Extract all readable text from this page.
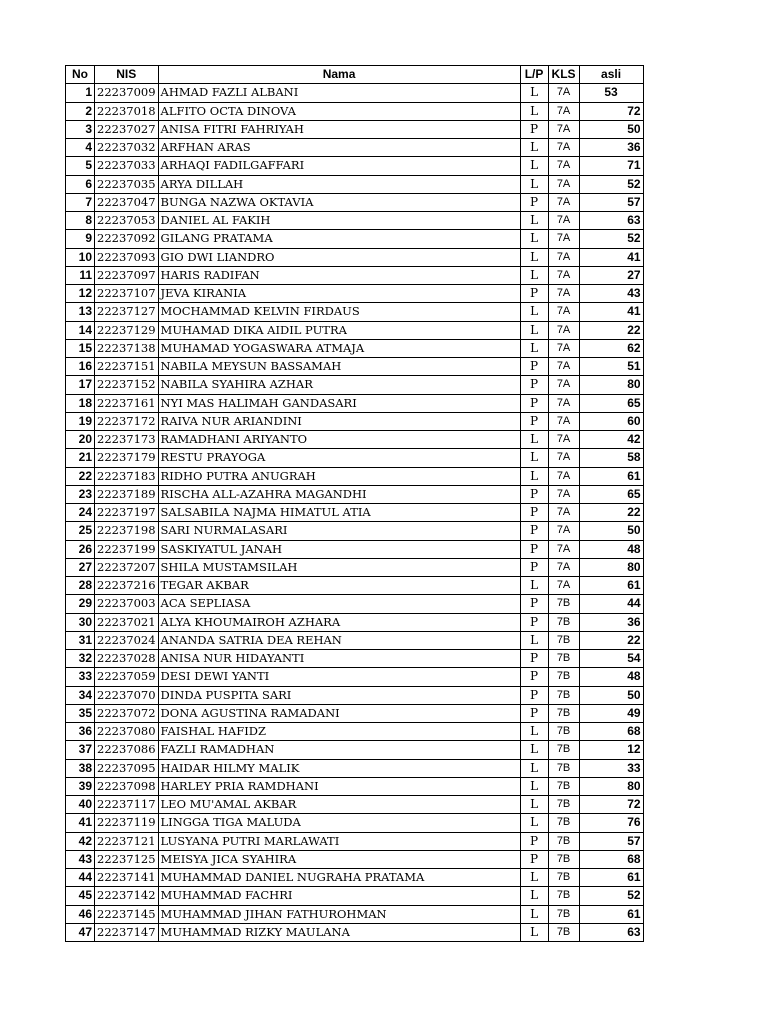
No	NIS	Nama	L/P	KLS	asli
1	22237009	AHMAD FAZLI ALBANI	L	7A	53
2	22237018	ALFITO OCTA DINOVA	L	7A	72
3	22237027	ANISA FITRI FAHRIYAH	P	7A	50
4	22237032	ARFHAN ARAS	L	7A	36
5	22237033	ARHAQI FADILGAFFARI	L	7A	71
6	22237035	ARYA DILLAH	L	7A	52
7	22237047	BUNGA NAZWA OKTAVIA	P	7A	57
8	22237053	DANIEL AL FAKIH	L	7A	63
9	22237092	GILANG PRATAMA	L	7A	52
10	22237093	GIO DWI LIANDRO	L	7A	41
11	22237097	HARIS RADIFAN	L	7A	27
12	22237107	JEVA KIRANIA	P	7A	43
13	22237127	MOCHAMMAD KELVIN FIRDAUS	L	7A	41
14	22237129	MUHAMAD DIKA AIDIL PUTRA	L	7A	22
15	22237138	MUHAMAD YOGASWARA ATMAJA	L	7A	62
16	22237151	NABILA MEYSUN BASSAMAH	P	7A	51
17	22237152	NABILA SYAHIRA AZHAR	P	7A	80
18	22237161	NYI MAS HALIMAH GANDASARI	P	7A	65
19	22237172	RAIVA NUR ARIANDINI	P	7A	60
20	22237173	RAMADHANI ARIYANTO	L	7A	42
21	22237179	RESTU PRAYOGA	L	7A	58
22	22237183	RIDHO PUTRA ANUGRAH	L	7A	61
23	22237189	RISCHA ALL-AZAHRA MAGANDHI	P	7A	65
24	22237197	SALSABILA NAJMA HIMATUL ATIA	P	7A	22
25	22237198	SARI NURMALASARI	P	7A	50
26	22237199	SASKIYATUL JANAH	P	7A	48
27	22237207	SHILA MUSTAMSILAH	P	7A	80
28	22237216	TEGAR AKBAR	L	7A	61
29	22237003	ACA SEPLIASA	P	7B	44
30	22237021	ALYA KHOUMAIROH AZHARA	P	7B	36
31	22237024	ANANDA SATRIA DEA REHAN	L	7B	22
32	22237028	ANISA NUR HIDAYANTI	P	7B	54
33	22237059	DESI DEWI YANTI	P	7B	48
34	22237070	DINDA PUSPITA SARI	P	7B	50
35	22237072	DONA AGUSTINA RAMADANI	P	7B	49
36	22237080	FAISHAL HAFIDZ	L	7B	68
37	22237086	FAZLI RAMADHAN	L	7B	12
38	22237095	HAIDAR HILMY MALIK	L	7B	33
39	22237098	HARLEY PRIA RAMDHANI	L	7B	80
40	22237117	LEO MU'AMAL AKBAR	L	7B	72
41	22237119	LINGGA TIGA MALUDA	L	7B	76
42	22237121	LUSYANA PUTRI MARLAWATI	P	7B	57
43	22237125	MEISYA JICA SYAHIRA	P	7B	68
44	22237141	MUHAMMAD DANIEL NUGRAHA PRATAMA	L	7B	61
45	22237142	MUHAMMAD FACHRI	L	7B	52
46	22237145	MUHAMMAD JIHAN FATHUROHMAN	L	7B	61
47	22237147	MUHAMMAD RIZKY MAULANA	L	7B	63
